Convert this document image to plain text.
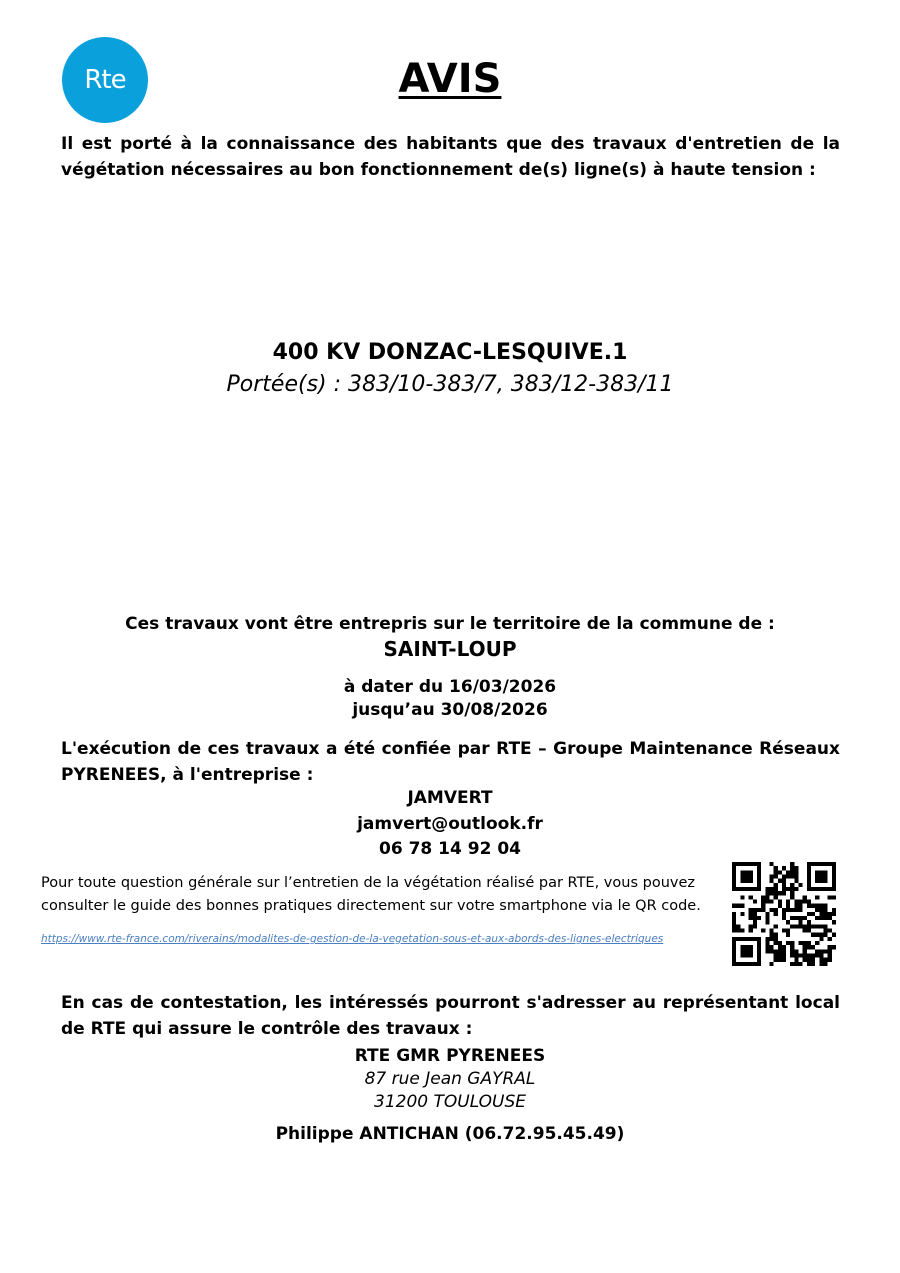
Rte	AVIS
Il est porté à la connaissance des habitants que des travaux d'entretien de la végétation nécessaires au bon fonctionnement de(s) ligne(s) à haute tension :
400 KV DONZAC-LESQUIVE.1
Portée(s) : 383/10-383/7, 383/12-383/11
Ces travaux vont être entrepris sur le territoire de la commune de :
SAINT-LOUP
à dater du 16/03/2026
jusqu’au 30/08/2026
L'exécution de ces travaux a été confiée par RTE – Groupe Maintenance Réseaux PYRENEES, à l'entreprise :
JAMVERT
jamvert@outlook.fr
06 78 14 92 04
Pour toute question générale sur l’entretien de la végétation réalisé par RTE, vous pouvez consulter le guide des bonnes pratiques directement sur votre smartphone via le QR code.
https://www.rte-france.com/riverains/modalites-de-gestion-de-la-vegetation-sous-et-aux-abords-des-lignes-electriques
En cas de contestation, les intéressés pourront s'adresser au représentant local de RTE qui assure le contrôle des travaux :
RTE GMR PYRENEES
87 rue Jean GAYRAL
31200 TOULOUSE
Philippe ANTICHAN (06.72.95.45.49)
